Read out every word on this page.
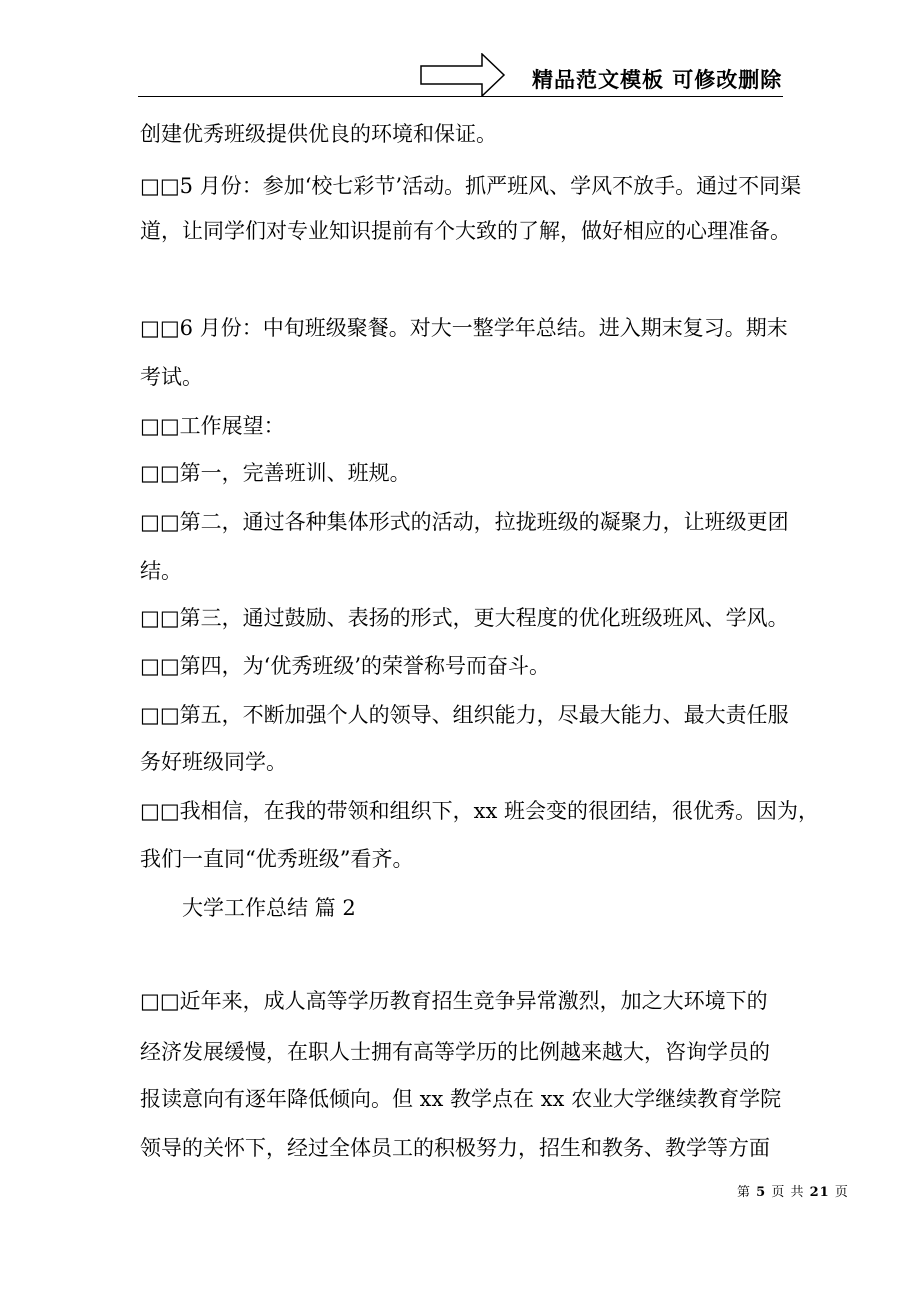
精品范文模板 可修改删除
创建优秀班级提供优良的环境和保证。
□□5 月份：参加‘校七彩节’活动。抓严班风、学风不放手。通过不同渠
道，让同学们对专业知识提前有个大致的了解，做好相应的心理准备。
□□6 月份：中旬班级聚餐。对大一整学年总结。进入期末复习。期末
考试。
□□工作展望：
□□第一，完善班训、班规。
□□第二，通过各种集体形式的活动，拉拢班级的凝聚力，让班级更团
结。
□□第三，通过鼓励、表扬的形式，更大程度的优化班级班风、学风。
□□第四，为‘优秀班级’的荣誉称号而奋斗。
□□第五，不断加强个人的领导、组织能力，尽最大能力、最大责任服
务好班级同学。
□□我相信，在我的带领和组织下，xx 班会变的很团结，很优秀。因为，
我们一直同“优秀班级”看齐。
大学工作总结 篇 2
□□近年来，成人高等学历教育招生竞争异常激烈，加之大环境下的
经济发展缓慢，在职人士拥有高等学历的比例越来越大，咨询学员的
报读意向有逐年降低倾向。但 xx 教学点在 xx 农业大学继续教育学院
领导的关怀下，经过全体员工的积极努力，招生和教务、教学等方面
第 5 页 共 21 页
